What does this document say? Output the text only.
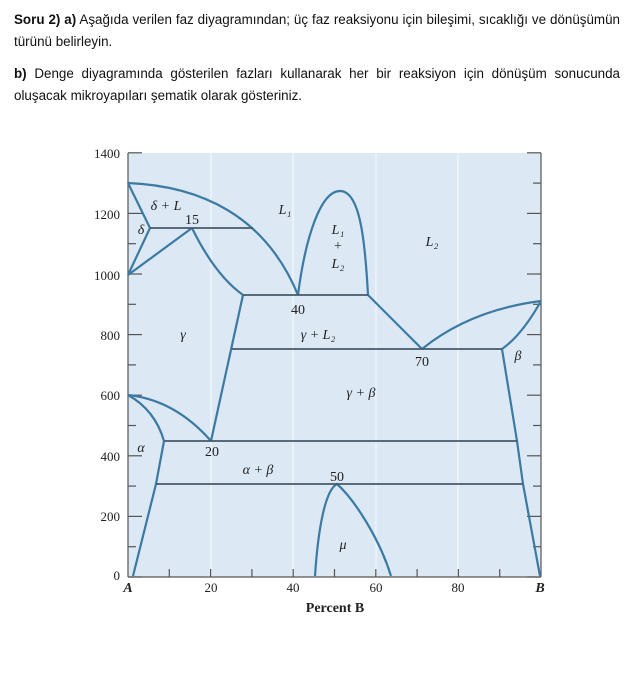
Soru 2) a) Aşağıda verilen faz diyagramından; üç faz reaksiyonu için bileşimi, sıcaklığı ve dönüşümün türünü belirleyin.
b) Denge diyagramında gösterilen fazları kullanarak her bir reaksiyon için dönüşüm sonucunda oluşacak mikroyapıları şematik olarak gösteriniz.
1400
1200
1000
800
600
400
200
0
A	20	40	60	80	B
Percent B
δ + L
δ
L₁
L₁
+
L₂
L₂
γ	γ + L₂
β
γ + β
α
α + β
μ
15
40
70
20
50
